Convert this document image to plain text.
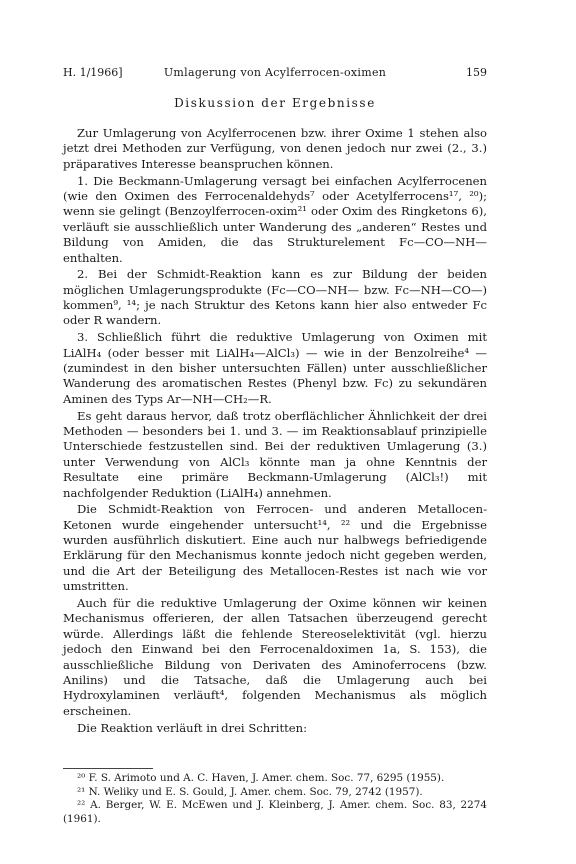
H. 1/1966]	Umlagerung von Acylferrocen-oximen	159
Diskussion der Ergebnisse

Zur Umlagerung von Acylferrocenen bzw. ihrer Oxime 1 stehen also jetzt drei Methoden zur Verfügung, von denen jedoch nur zwei (2., 3.) präparatives Interesse beanspruchen können.

1. Die Beckmann-Umlagerung versagt bei einfachen Acylferrocenen (wie den Oximen des Ferrocenaldehyds⁷ oder Acetylferrocens¹⁷, ²⁰); wenn sie gelingt (Benzoylferrocen-oxim²¹ oder Oxim des Ringketons 6), verläuft sie ausschließlich unter Wanderung des „anderen“ Restes und Bildung von Amiden, die das Strukturelement Fc—CO—NH— enthalten.

2. Bei der Schmidt-Reaktion kann es zur Bildung der beiden möglichen Umlagerungsprodukte (Fc—CO—NH— bzw. Fc—NH—CO—) kommen⁹, ¹⁴; je nach Struktur des Ketons kann hier also entweder Fc oder R wandern.

3. Schließlich führt die reduktive Umlagerung von Oximen mit LiAlH₄ (oder besser mit LiAlH₄—AlCl₃) — wie in der Benzolreihe⁴ — (zumindest in den bisher untersuchten Fällen) unter ausschließlicher Wanderung des aromatischen Restes (Phenyl bzw. Fc) zu sekundären Aminen des Typs Ar—NH—CH₂—R.

Es geht daraus hervor, daß trotz oberflächlicher Ähnlichkeit der drei Methoden — besonders bei 1. und 3. — im Reaktionsablauf prinzipielle Unterschiede festzustellen sind. Bei der reduktiven Umlagerung (3.) unter Verwendung von AlCl₃ könnte man ja ohne Kenntnis der Resultate eine primäre Beckmann-Umlagerung (AlCl₃!) mit nachfolgender Reduktion (LiAlH₄) annehmen.

Die Schmidt-Reaktion von Ferrocen- und anderen Metallocen-Ketonen wurde eingehender untersucht¹⁴, ²² und die Ergebnisse wurden ausführlich diskutiert. Eine auch nur halbwegs befriedigende Erklärung für den Mechanismus konnte jedoch nicht gegeben werden, und die Art der Beteiligung des Metallocen-Restes ist nach wie vor umstritten.

Auch für die reduktive Umlagerung der Oxime können wir keinen Mechanismus offerieren, der allen Tatsachen überzeugend gerecht würde. Allerdings läßt die fehlende Stereoselektivität (vgl. hierzu jedoch den Einwand bei den Ferrocenaldoximen 1a, S. 153), die ausschließliche Bildung von Derivaten des Aminoferrocens (bzw. Anilins) und die Tatsache, daß die Umlagerung auch bei Hydroxylaminen verläuft⁴, folgenden Mechanismus als möglich erscheinen.

Die Reaktion verläuft in drei Schritten:

²⁰ F. S. Arimoto und A. C. Haven, J. Amer. chem. Soc. 77, 6295 (1955).

²¹ N. Weliky und E. S. Gould, J. Amer. chem. Soc. 79, 2742 (1957).

²² A. Berger, W. E. McEwen und J. Kleinberg, J. Amer. chem. Soc. 83, 2274 (1961).
